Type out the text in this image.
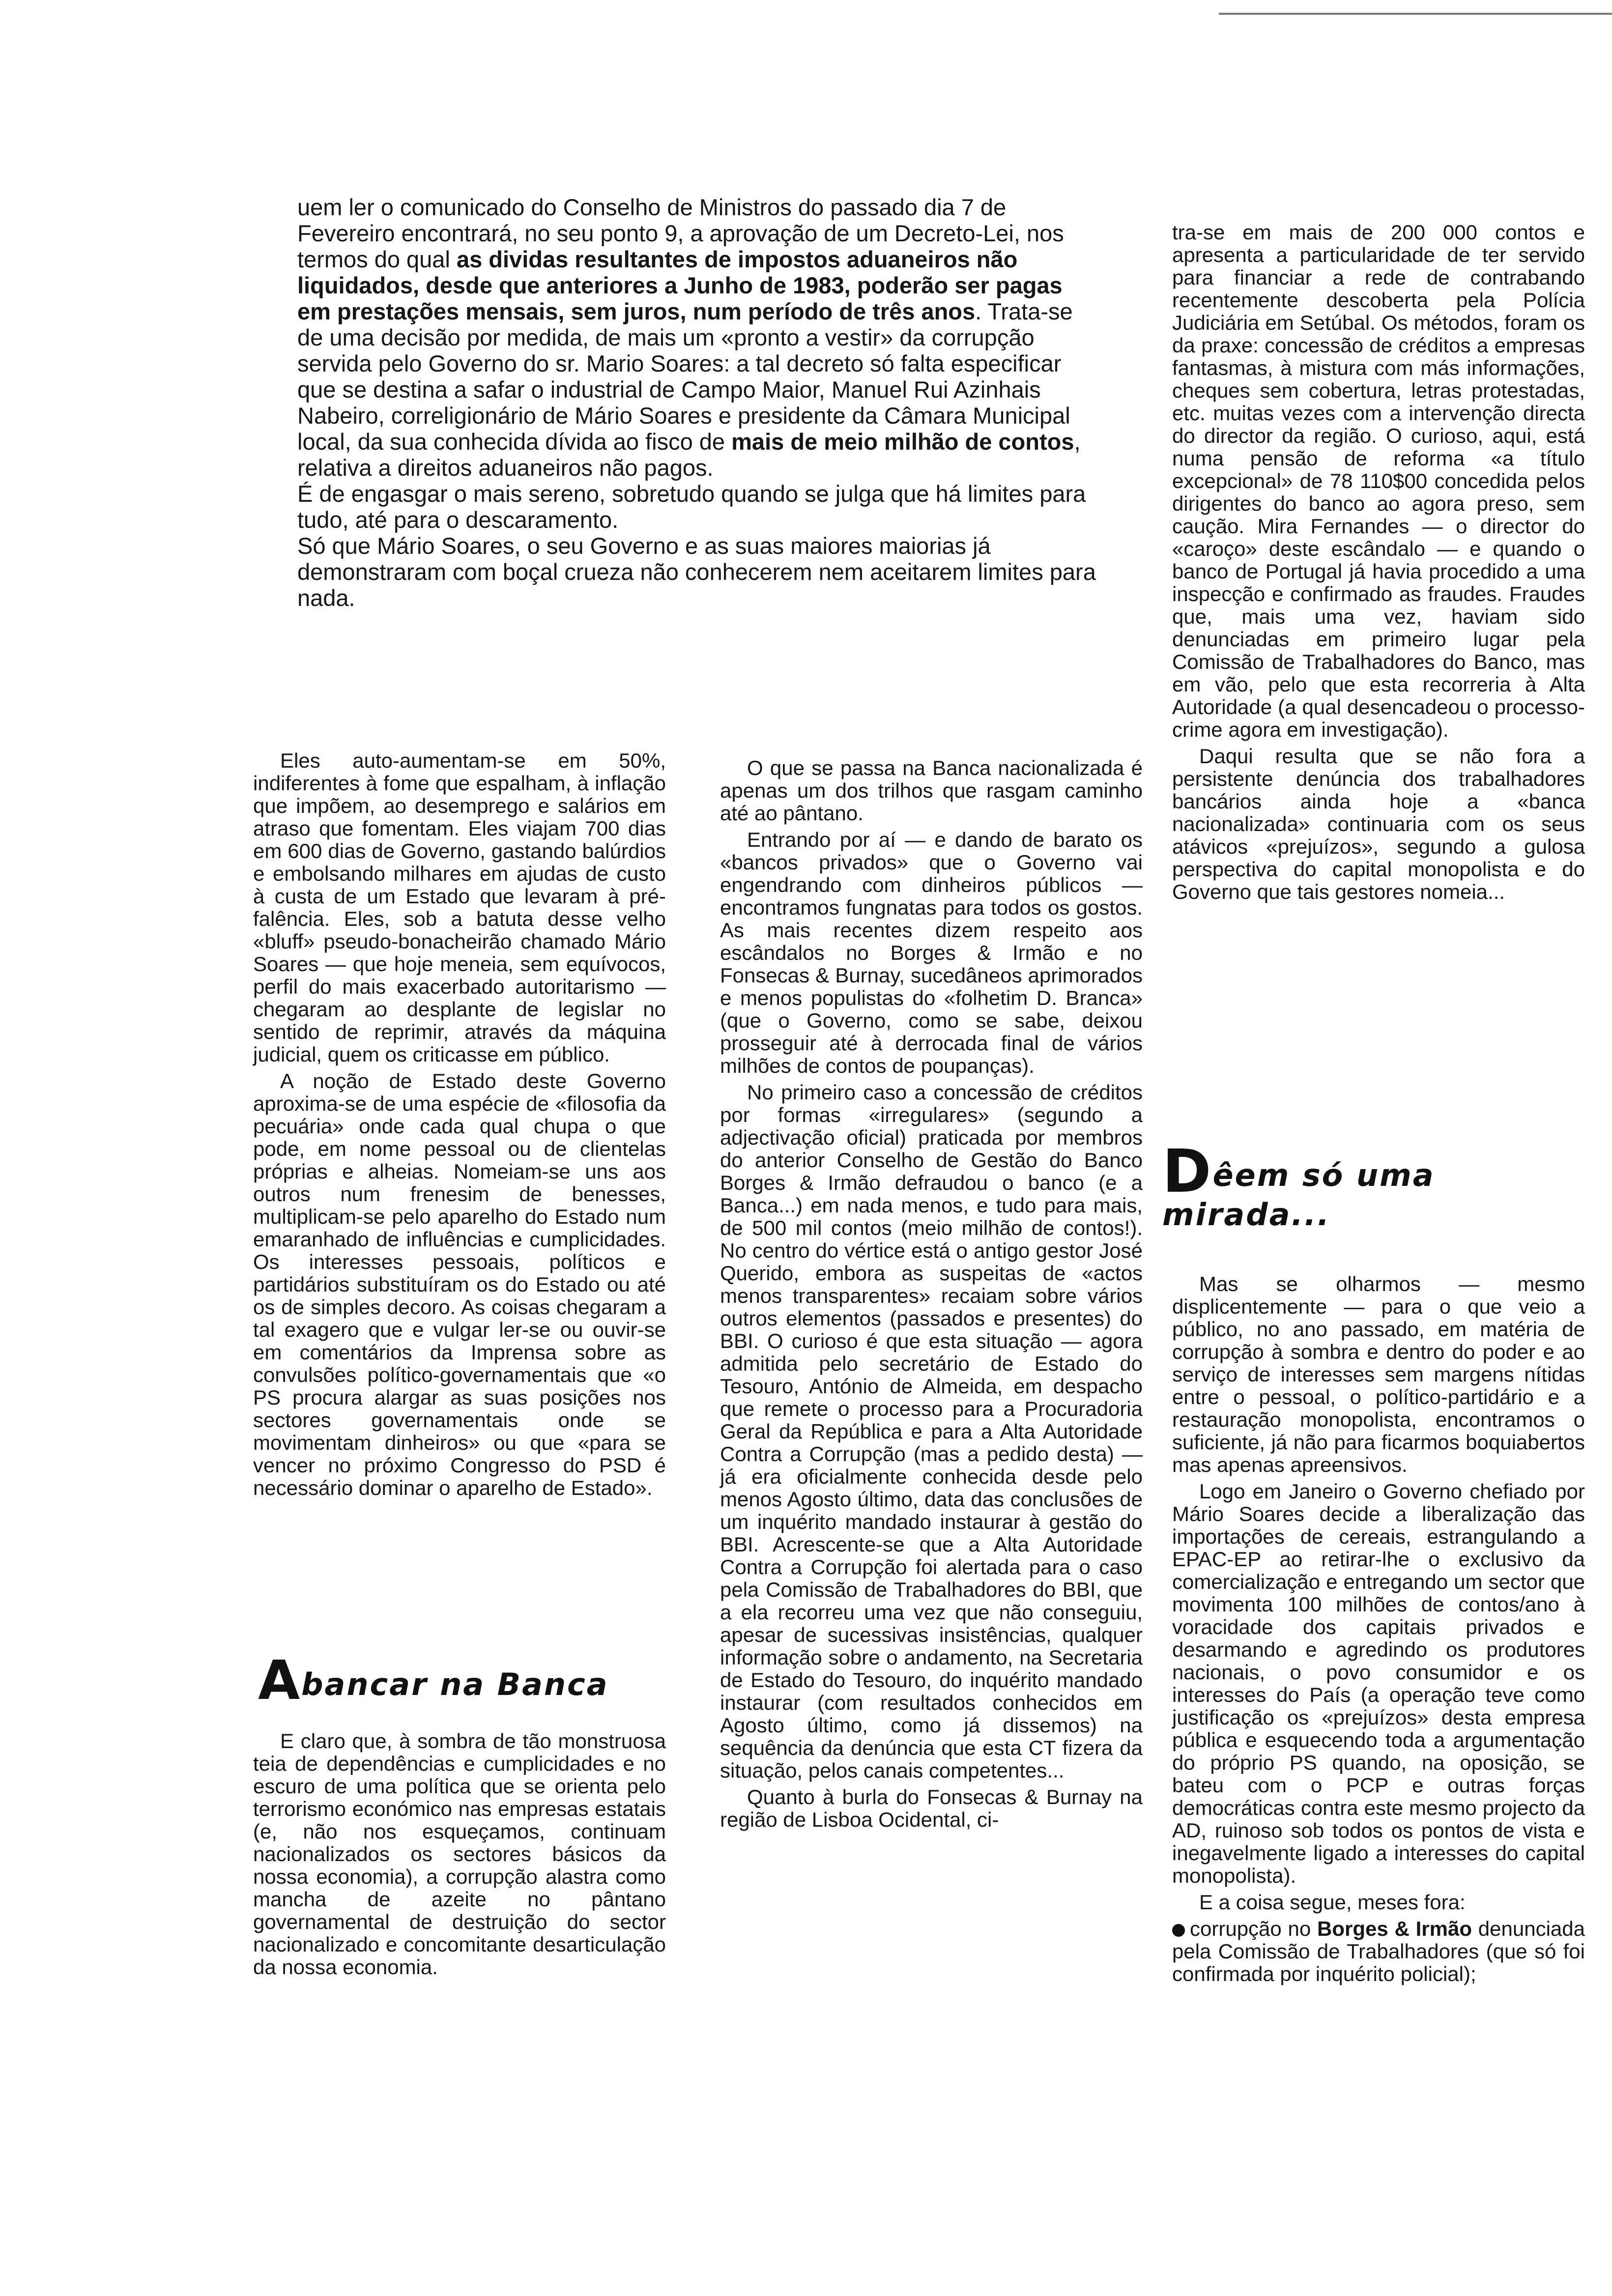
uem ler o comunicado do Conselho de Ministros do passado dia 7 de Fevereiro encontrará, no seu ponto 9, a aprovação de um Decreto-Lei, nos termos do qual as dividas resultantes de impostos aduaneiros não liquidados, desde que anteriores a Junho de 1983, poderão ser pagas em prestações mensais, sem juros, num período de três anos. Trata-se de uma decisão por medida, de mais um «pronto a vestir» da corrupção servida pelo Governo do sr. Mario Soares: a tal decreto só falta especificar que se destina a safar o industrial de Campo Maior, Manuel Rui Azinhais Nabeiro, correligionário de Mário Soares e presidente da Câmara Municipal local, da sua conhecida dívida ao fisco de mais de meio milhão de contos, relativa a direitos aduaneiros não pagos.

É de engasgar o mais sereno, sobretudo quando se julga que há limites para tudo, até para o descaramento.

Só que Mário Soares, o seu Governo e as suas maiores maiorias já demonstraram com boçal crueza não conhecerem nem aceitarem limites para nada.

Eles auto-aumentam-se em 50%, indiferentes à fome que espalham, à inflação que impõem, ao desemprego e salários em atraso que fomentam. Eles viajam 700 dias em 600 dias de Governo, gastando balúrdios e embolsando milhares em ajudas de custo à custa de um Estado que levaram à pré-falência. Eles, sob a batuta desse velho «bluff» pseudo-bonacheirão chamado Mário Soares — que hoje meneia, sem equívocos, perfil do mais exacerbado autoritarismo — chegaram ao desplante de legislar no sentido de reprimir, através da máquina judicial, quem os criticasse em público.

A noção de Estado deste Governo aproxima-se de uma espécie de «filosofia da pecuária» onde cada qual chupa o que pode, em nome pessoal ou de clientelas próprias e alheias. Nomeiam-se uns aos outros num frenesim de benesses, multiplicam-se pelo aparelho do Estado num emaranhado de influências e cumplicidades. Os interesses pessoais, políticos e partidários substituíram os do Estado ou até os de simples decoro. As coisas chegaram a tal exagero que e vulgar ler-se ou ouvir-se em comentários da Imprensa sobre as convulsões político-governamentais que «o PS procura alargar as suas posições nos sectores governamentais onde se movimentam dinheiros» ou que «para se vencer no próximo Congresso do PSD é necessário dominar o aparelho de Estado».

Abancar na Banca

E claro que, à sombra de tão monstruosa teia de dependências e cumplicidades e no escuro de uma política que se orienta pelo terrorismo económico nas empresas estatais (e, não nos esqueçamos, continuam nacionalizados os sectores básicos da nossa economia), a corrupção alastra como mancha de azeite no pântano governamental de destruição do sector nacionalizado e concomitante desarticulação da nossa economia.

O que se passa na Banca nacionalizada é apenas um dos trilhos que rasgam caminho até ao pântano.

Entrando por aí — e dando de barato os «bancos privados» que o Governo vai engendrando com dinheiros públicos — encontramos fungnatas para todos os gostos. As mais recentes dizem respeito aos escândalos no Borges & Irmão e no Fonsecas & Burnay, sucedâneos aprimorados e menos populistas do «folhetim D. Branca» (que o Governo, como se sabe, deixou prosseguir até à derrocada final de vários milhões de contos de poupanças).

No primeiro caso a concessão de créditos por formas «irregulares» (segundo a adjectivação oficial) praticada por membros do anterior Conselho de Gestão do Banco Borges & Irmão defraudou o banco (e a Banca...) em nada menos, e tudo para mais, de 500 mil contos (meio milhão de contos!). No centro do vértice está o antigo gestor José Querido, embora as suspeitas de «actos menos transparentes» recaiam sobre vários outros elementos (passados e presentes) do BBI. O curioso é que esta situação — agora admitida pelo secretário de Estado do Tesouro, António de Almeida, em despacho que remete o processo para a Procuradoria Geral da República e para a Alta Autoridade Contra a Corrupção (mas a pedido desta) — já era oficialmente conhecida desde pelo menos Agosto último, data das conclusões de um inquérito mandado instaurar à gestão do BBI. Acrescente-se que a Alta Autoridade Contra a Corrupção foi alertada para o caso pela Comissão de Trabalhadores do BBI, que a ela recorreu uma vez que não conseguiu, apesar de sucessivas insistências, qualquer informação sobre o andamento, na Secretaria de Estado do Tesouro, do inquérito mandado instaurar (com resultados conhecidos em Agosto último, como já dissemos) na sequência da denúncia que esta CT fizera da situação, pelos canais competentes...

Quanto à burla do Fonsecas & Burnay na região de Lisboa Ocidental, ci-

tra-se em mais de 200 000 contos e apresenta a particularidade de ter servido para financiar a rede de contrabando recentemente descoberta pela Polícia Judiciária em Setúbal. Os métodos, foram os da praxe: concessão de créditos a empresas fantasmas, à mistura com más informações, cheques sem cobertura, letras protestadas, etc. muitas vezes com a intervenção directa do director da região. O curioso, aqui, está numa pensão de reforma «a título excepcional» de 78 110$00 concedida pelos dirigentes do banco ao agora preso, sem caução. Mira Fernandes — o director do «caroço» deste escândalo — e quando o banco de Portugal já havia procedido a uma inspecção e confirmado as fraudes. Fraudes que, mais uma vez, haviam sido denunciadas em primeiro lugar pela Comissão de Trabalhadores do Banco, mas em vão, pelo que esta recorreria à Alta Autoridade (a qual desencadeou o processo-crime agora em investigação).

Daqui resulta que se não fora a persistente denúncia dos trabalhadores bancários ainda hoje a «banca nacionalizada» continuaria com os seus atávicos «prejuízos», segundo a gulosa perspectiva do capital monopolista e do Governo que tais gestores nomeia...

Dêem só uma mirada...

Mas se olharmos — mesmo displicentemente — para o que veio a público, no ano passado, em matéria de corrupção à sombra e dentro do poder e ao serviço de interesses sem margens nítidas entre o pessoal, o político-partidário e a restauração monopolista, encontramos o suficiente, já não para ficarmos boquiabertos mas apenas apreensivos.

Logo em Janeiro o Governo chefiado por Mário Soares decide a liberalização das importações de cereais, estrangulando a EPAC-EP ao retirar-lhe o exclusivo da comercialização e entregando um sector que movimenta 100 milhões de contos/ano à voracidade dos capitais privados e desarmando e agredindo os produtores nacionais, o povo consumidor e os interesses do País (a operação teve como justificação os «prejuízos» desta empresa pública e esquecendo toda a argumentação do próprio PS quando, na oposição, se bateu com o PCP e outras forças democráticas contra este mesmo projecto da AD, ruinoso sob todos os pontos de vista e inegavelmente ligado a interesses do capital monopolista).

E a coisa segue, meses fora:

corrupção no Borges & Irmão denunciada pela Comissão de Trabalhadores (que só foi confirmada por inquérito policial);
